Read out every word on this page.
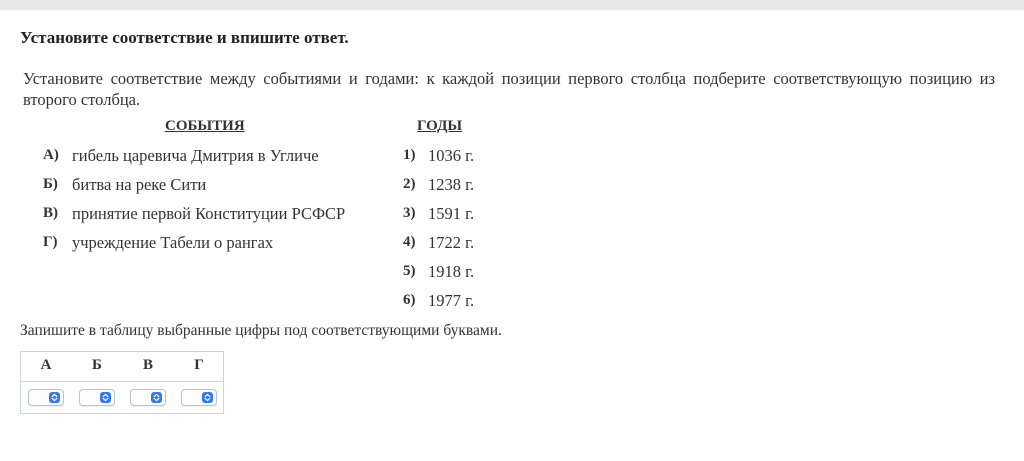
Установите соответствие и впишите ответ.
Установите соответствие между событиями и годами: к каждой позиции первого столбца подберите соответствующую позицию из второго столбца.
СОБЫТИЯ	ГОДЫ
А) гибель царевича Дмитрия в Угличе
Б) битва на реке Сити
В) принятие первой Конституции РСФСР
Г) учреждение Табели о рангах
1) 1036 г.
2) 1238 г.
3) 1591 г.
4) 1722 г.
5) 1918 г.
6) 1977 г.
Запишите в таблицу выбранные цифры под соответствующими буквами.
А	Б	В	Г
